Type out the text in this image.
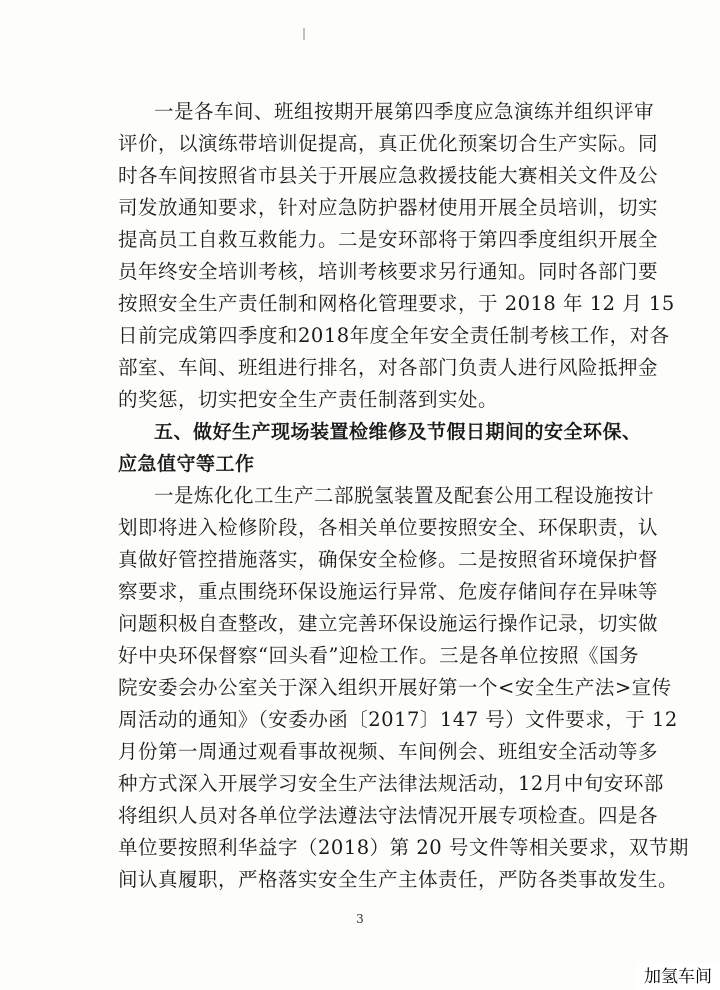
一是各车间、班组按期开展第四季度应急演练并组织评审
评价，以演练带培训促提高，真正优化预案切合生产实际。同
时各车间按照省市县关于开展应急救援技能大赛相关文件及公
司发放通知要求，针对应急防护器材使用开展全员培训，切实
提高员工自救互救能力。二是安环部将于第四季度组织开展全
员年终安全培训考核，培训考核要求另行通知。同时各部门要
按照安全生产责任制和网格化管理要求，于 2018 年 12 月 15
日前完成第四季度和2018年度全年安全责任制考核工作，对各
部室、车间、班组进行排名，对各部门负责人进行风险抵押金
的奖惩，切实把安全生产责任制落到实处。
五、做好生产现场装置检维修及节假日期间的安全环保、
应急值守等工作
一是炼化化工生产二部脱氢装置及配套公用工程设施按计
划即将进入检修阶段，各相关单位要按照安全、环保职责，认
真做好管控措施落实，确保安全检修。二是按照省环境保护督
察要求，重点围绕环保设施运行异常、危废存储间存在异味等
问题积极自查整改，建立完善环保设施运行操作记录，切实做
好中央环保督察“回头看”迎检工作。三是各单位按照《国务
院安委会办公室关于深入组织开展好第一个<安全生产法>宣传
周活动的通知》（安委办函〔2017〕147 号）文件要求，于 12
月份第一周通过观看事故视频、车间例会、班组安全活动等多
种方式深入开展学习安全生产法律法规活动，12月中旬安环部
将组织人员对各单位学法遵法守法情况开展专项检查。四是各
单位要按照利华益字（2018）第 20 号文件等相关要求，双节期
间认真履职，严格落实安全生产主体责任，严防各类事故发生。
3
加氢车间
